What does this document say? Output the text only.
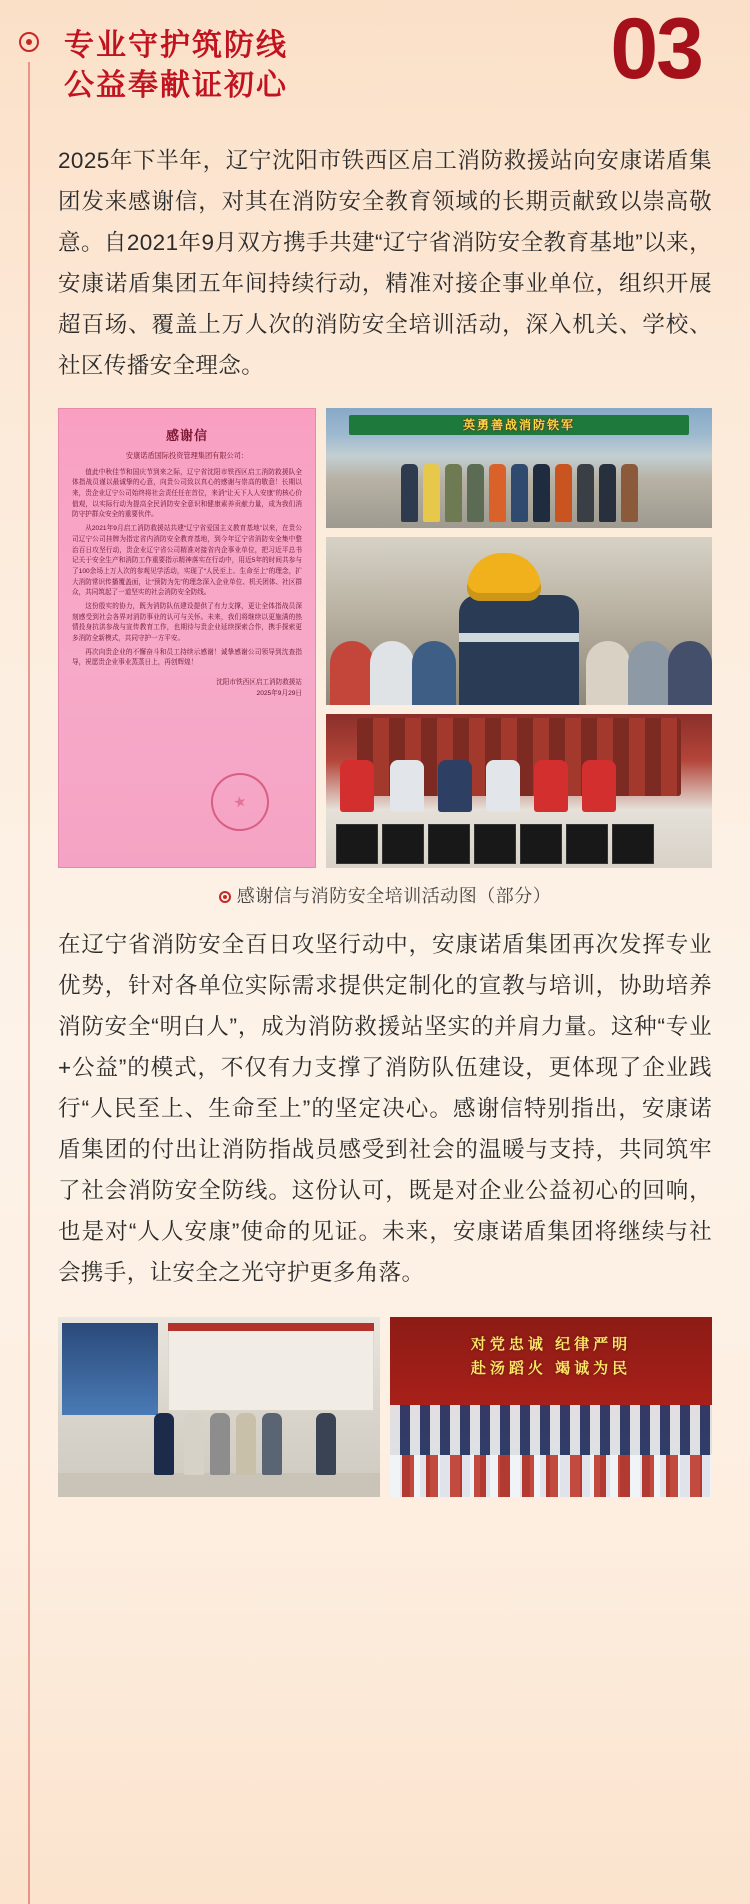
专业守护筑防线
公益奉献证初心	03

2025年下半年，辽宁沈阳市铁西区启工消防救援站向安康诺盾集团发来感谢信，对其在消防安全教育领域的长期贡献致以崇高敬意。自2021年9月双方携手共建“辽宁省消防安全教育基地”以来，安康诺盾集团五年间持续行动，精准对接企事业单位，组织开展超百场、覆盖上万人次的消防安全培训活动，深入机关、学校、社区传播安全理念。

感谢信
安康诺盾国际投资管理集团有限公司：

值此中秋佳节和国庆节到来之际，辽宁省沈阳市铁西区启工消防救援队全体指战员谨以最诚挚的心意，向贵公司致以真心的感谢与崇高的敬意！长期以来，贵企业辽宁公司始终将社会责任任在首位，来消“让天下人人安康”的核心价值观，以实际行动为提高全民消防安全意识和健康素养贡献力量，成为我们消防守护群众安全的重要伙伴。

从2021年9月启工消防救援站共建“辽宁省爱国主义教育基地”以来，在贵公司辽宁公司挂牌为指定省内消防安全教育基地，到今年辽宁省消防安全集中整治百日攻坚行动，贵企业辽宁省公司精准对接省内企事业单位，把习近平总书记关于安全生产和消防工作重要指示精神落实在行动中，用近5年的时间共参与了100余场上万人次的参观见学活动，实现了“人民至上、生命至上”的理念，扩大消防常识传播覆盖面，让“预防为先”的理念深入企业单位、机关团体、社区群众，共同筑起了一道坚实的社会消防安全防线。

这份殷实的协力，既为消防队伍建设提供了有力支撑，更让全体指战员深刻感受到社会各界对消防事业的认可与关怀。未来，我们将继续以更施满的热情投身抗洪参战与宣传教育工作，也期待与贵企业延续探索合作，携手探索更多消防全新模式，共同守护一方平安。

再次向贵企业的不懈奋斗和员工持续示感谢！诚挚感谢公司领导到沈查指导，祝愿贵企业事业蒸蒸日上，再创辉煌！

沈阳市铁西区启工消防救援站
2025年9月29日
英勇善战消防铁军
感谢信与消防安全培训活动图（部分）

在辽宁省消防安全百日攻坚行动中，安康诺盾集团再次发挥专业优势，针对各单位实际需求提供定制化的宣教与培训，协助培养消防安全“明白人”，成为消防救援站坚实的并肩力量。这种“专业+公益”的模式，不仅有力支撑了消防队伍建设，更体现了企业践行“人民至上、生命至上”的坚定决心。感谢信特别指出，安康诺盾集团的付出让消防指战员感受到社会的温暖与支持，共同筑牢了社会消防安全防线。这份认可，既是对企业公益初心的回响，也是对“人人安康”使命的见证。未来，安康诺盾集团将继续与社会携手，让安全之光守护更多角落。

对党忠诚 纪律严明
赴汤蹈火 竭诚为民
